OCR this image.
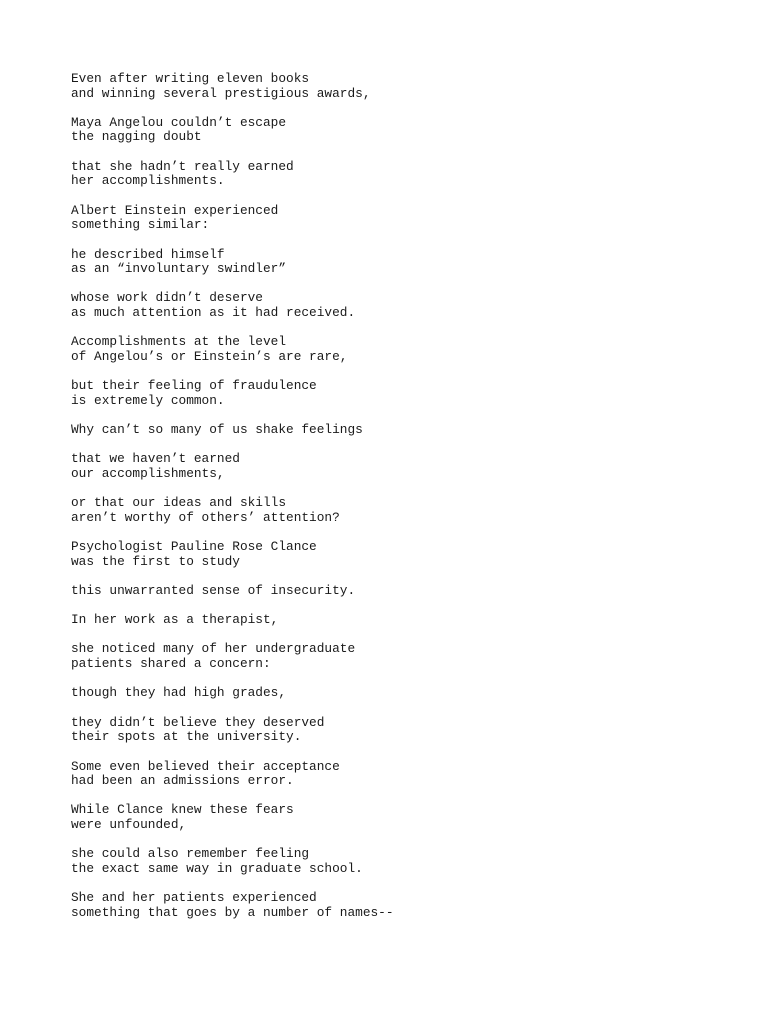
Even after writing eleven books
and winning several prestigious awards,
Maya Angelou couldn’t escape
the nagging doubt
that she hadn’t really earned
her accomplishments.
Albert Einstein experienced
something similar:
he described himself
as an “involuntary swindler”
whose work didn’t deserve
as much attention as it had received.
Accomplishments at the level
of Angelou’s or Einstein’s are rare,
but their feeling of fraudulence
is extremely common.
Why can’t so many of us shake feelings
that we haven’t earned
our accomplishments,
or that our ideas and skills
aren’t worthy of others’ attention?
Psychologist Pauline Rose Clance
was the first to study
this unwarranted sense of insecurity.
In her work as a therapist,
she noticed many of her undergraduate
patients shared a concern:
though they had high grades,
they didn’t believe they deserved
their spots at the university.
Some even believed their acceptance
had been an admissions error.
While Clance knew these fears
were unfounded,
she could also remember feeling
the exact same way in graduate school.
She and her patients experienced
something that goes by a number of names--
